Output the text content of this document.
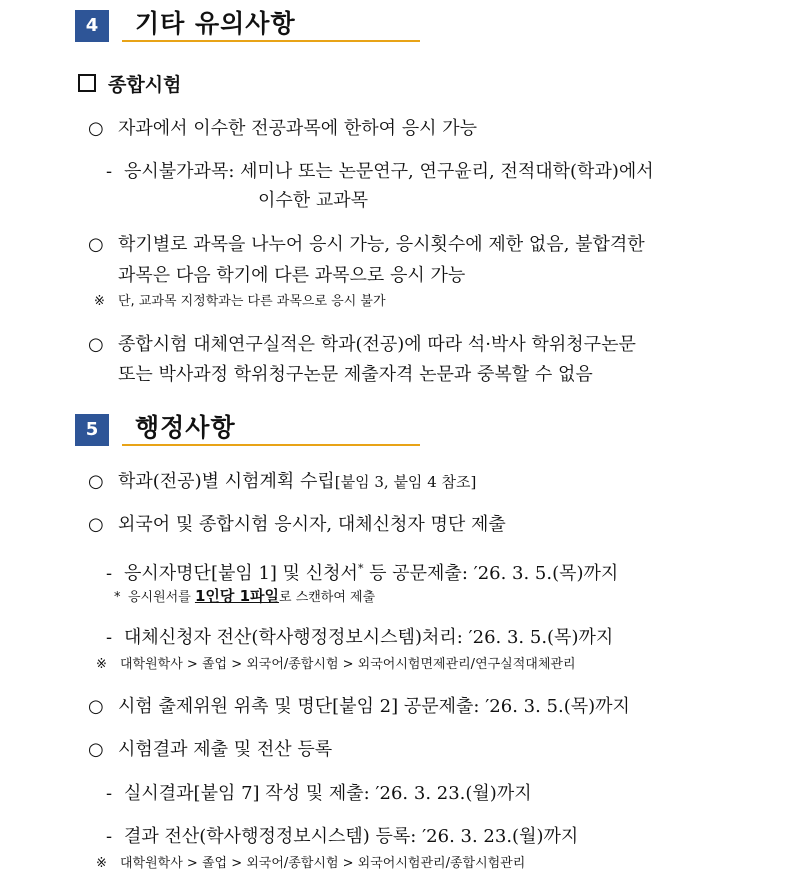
4	기타 유의사항
종합시험
○ 자과에서 이수한 전공과목에 한하여 응시 가능
- 응시불가과목: 세미나 또는 논문연구, 연구윤리, 전적대학(학과)에서
이수한 교과목
○ 학기별로 과목을 나누어 응시 가능, 응시횟수에 제한 없음, 불합격한
과목은 다음 학기에 다른 과목으로 응시 가능
※ 단, 교과목 지정학과는 다른 과목으로 응시 불가
○ 종합시험 대체연구실적은 학과(전공)에 따라 석·박사 학위청구논문
또는 박사과정 학위청구논문 제출자격 논문과 중복할 수 없음
5	행정사항
○ 학과(전공)별 시험계획 수립[붙임 3, 붙임 4 참조]
○ 외국어 및 종합시험 응시자, 대체신청자 명단 제출
- 응시자명단[붙임 1] 및 신청서* 등 공문제출: ′26. 3. 5.(목)까지
* 응시원서를 1인당 1파일로 스캔하여 제출
- 대체신청자 전산(학사행정정보시스템)처리: ′26. 3. 5.(목)까지
※ 대학원학사 > 졸업 > 외국어/종합시험 > 외국어시험면제관리/연구실적대체관리
○ 시험 출제위원 위촉 및 명단[붙임 2] 공문제출: ′26. 3. 5.(목)까지
○ 시험결과 제출 및 전산 등록
- 실시결과[붙임 7] 작성 및 제출: ′26. 3. 23.(월)까지
- 결과 전산(학사행정정보시스템) 등록: ′26. 3. 23.(월)까지
※ 대학원학사 > 졸업 > 외국어/종합시험 > 외국어시험관리/종합시험관리
